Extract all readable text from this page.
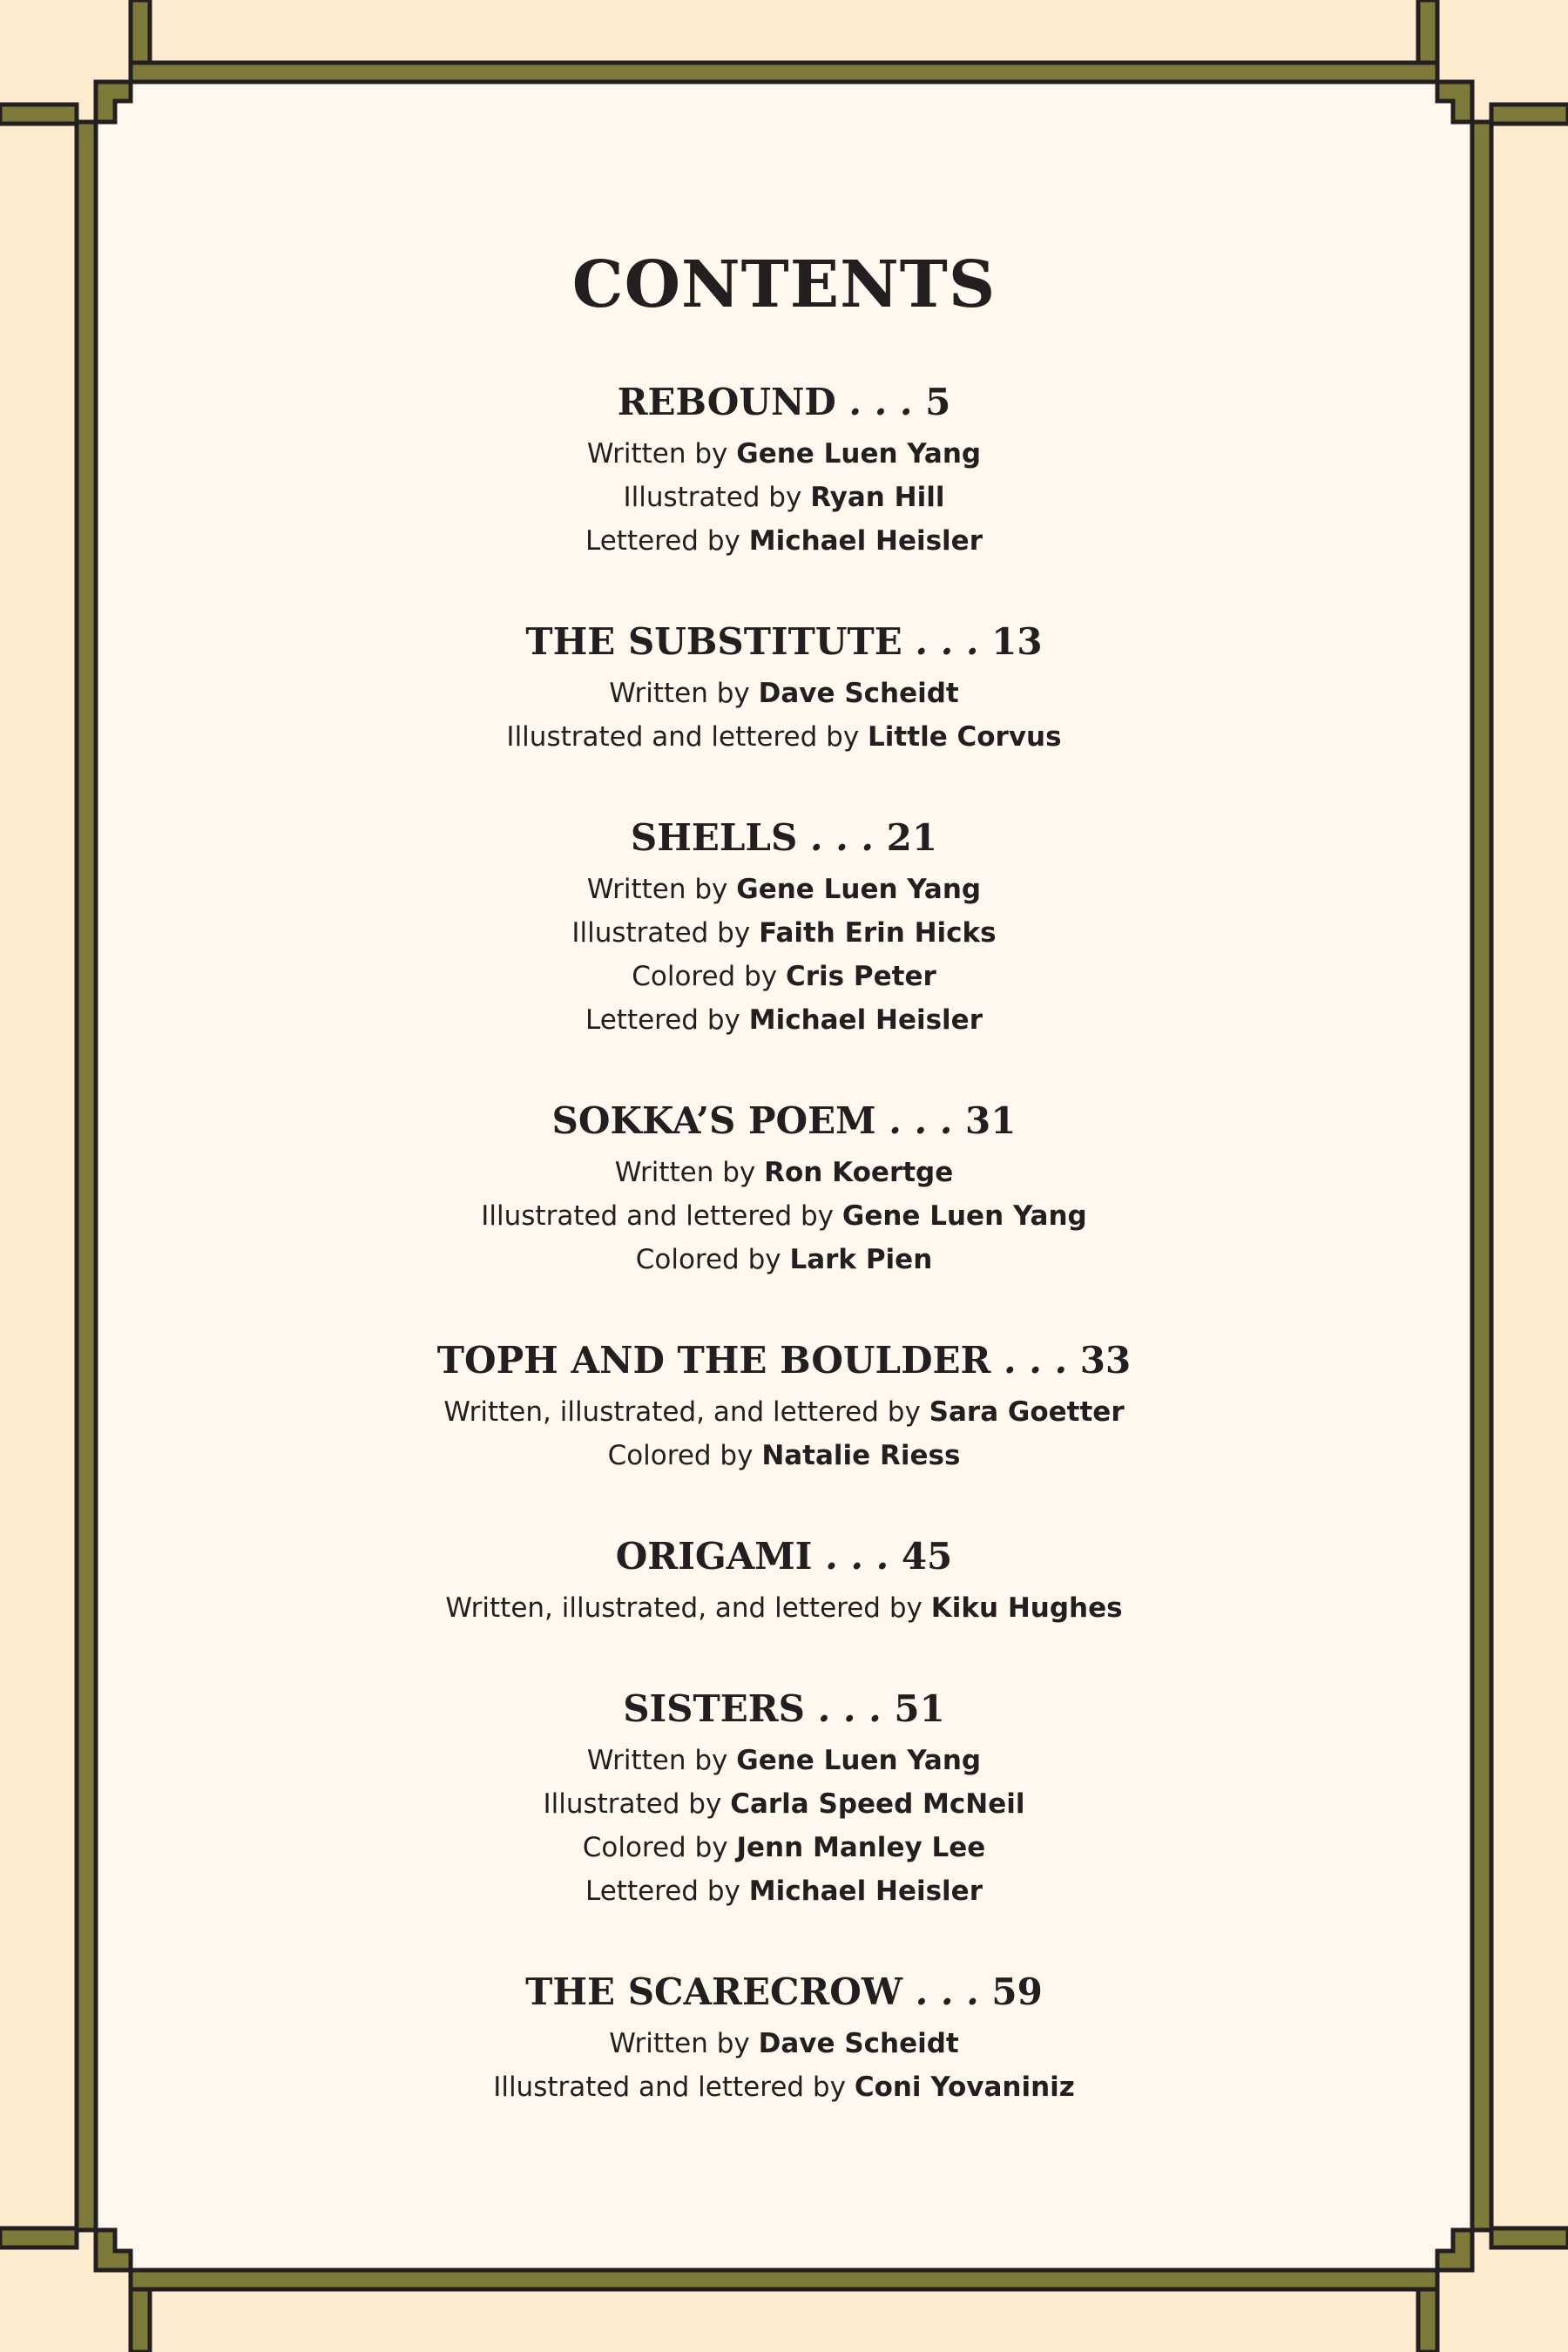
CONTENTS
REBOUND . . . 5
Written by Gene Luen Yang
Illustrated by Ryan Hill
Lettered by Michael Heisler
THE SUBSTITUTE . . . 13
Written by Dave Scheidt
Illustrated and lettered by Little Corvus
SHELLS . . . 21
Written by Gene Luen Yang
Illustrated by Faith Erin Hicks
Colored by Cris Peter
Lettered by Michael Heisler
SOKKA’S POEM . . . 31
Written by Ron Koertge
Illustrated and lettered by Gene Luen Yang
Colored by Lark Pien
TOPH AND THE BOULDER . . . 33
Written, illustrated, and lettered by Sara Goetter
Colored by Natalie Riess
ORIGAMI . . . 45
Written, illustrated, and lettered by Kiku Hughes
SISTERS . . . 51
Written by Gene Luen Yang
Illustrated by Carla Speed McNeil
Colored by Jenn Manley Lee
Lettered by Michael Heisler
THE SCARECROW . . . 59
Written by Dave Scheidt
Illustrated and lettered by Coni Yovaniniz
